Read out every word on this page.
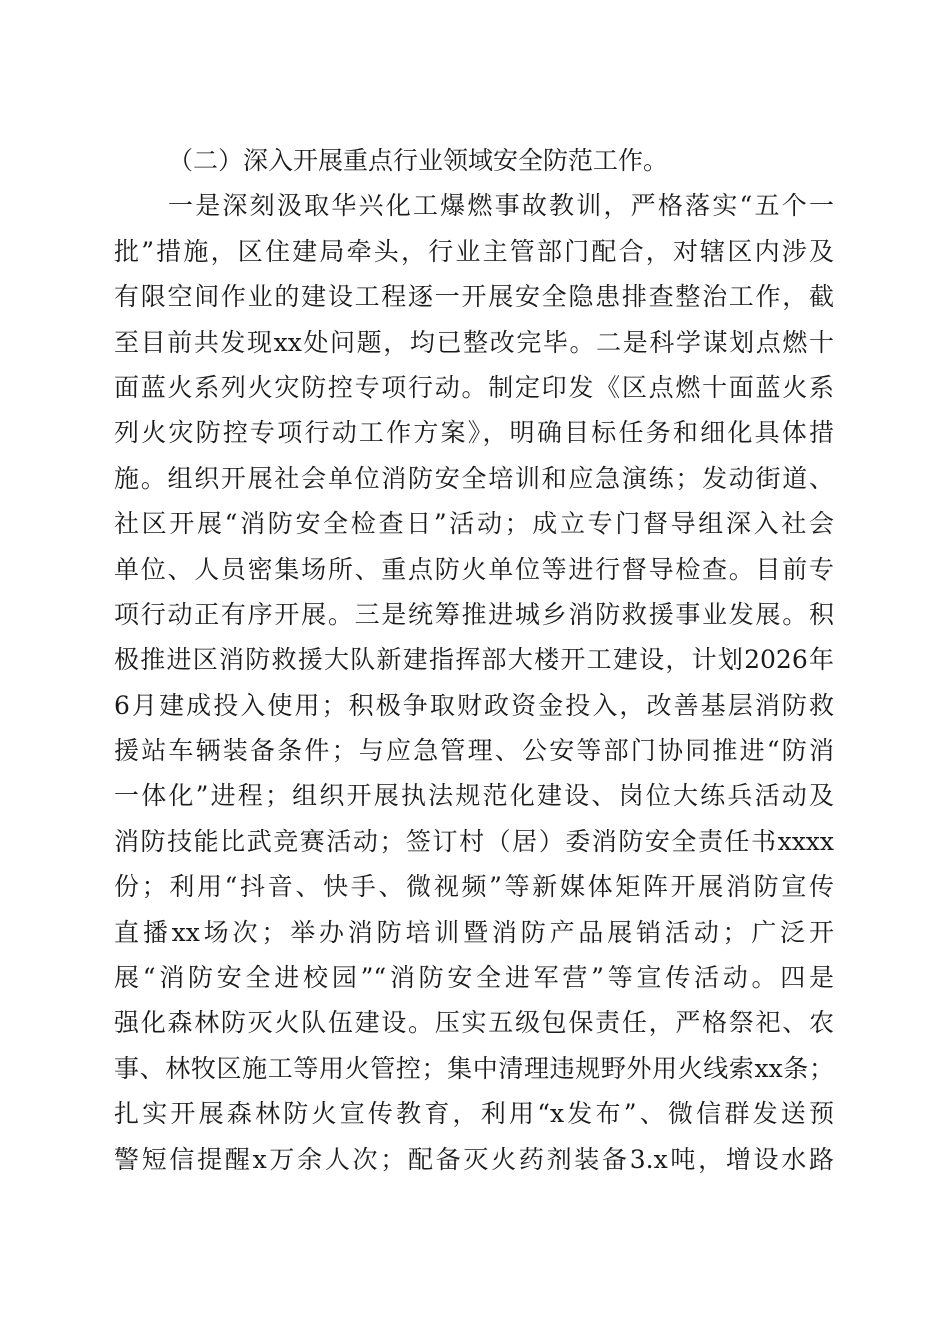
（二）深入开展重点行业领域安全防范工作。
一是深刻汲取华兴化工爆燃事故教训，严格落实“五个一
批”措施，区住建局牵头，行业主管部门配合，对辖区内涉及
有限空间作业的建设工程逐一开展安全隐患排查整治工作，截
至目前共发现xx处问题，均已整改完毕。二是科学谋划点燃十
面蓝火系列火灾防控专项行动。制定印发《区点燃十面蓝火系
列火灾防控专项行动工作方案》，明确目标任务和细化具体措
施。组织开展社会单位消防安全培训和应急演练；发动街道、
社区开展“消防安全检查日”活动；成立专门督导组深入社会
单位、人员密集场所、重点防火单位等进行督导检查。目前专
项行动正有序开展。三是统筹推进城乡消防救援事业发展。积
极推进区消防救援大队新建指挥部大楼开工建设，计划2026年
6月建成投入使用；积极争取财政资金投入，改善基层消防救
援站车辆装备条件；与应急管理、公安等部门协同推进“防消
一体化”进程；组织开展执法规范化建设、岗位大练兵活动及
消防技能比武竞赛活动；签订村（居）委消防安全责任书xxxx
份；利用“抖音、快手、微视频”等新媒体矩阵开展消防宣传
直播xx场次；举办消防培训暨消防产品展销活动；广泛开
展“消防安全进校园”“消防安全进军营”等宣传活动。四是
强化森林防灭火队伍建设。压实五级包保责任，严格祭祀、农
事、林牧区施工等用火管控；集中清理违规野外用火线索xx条；
扎实开展森林防火宣传教育，利用“x发布”、微信群发送预
警短信提醒x万余人次；配备灭火药剂装备3.x吨，增设水路
